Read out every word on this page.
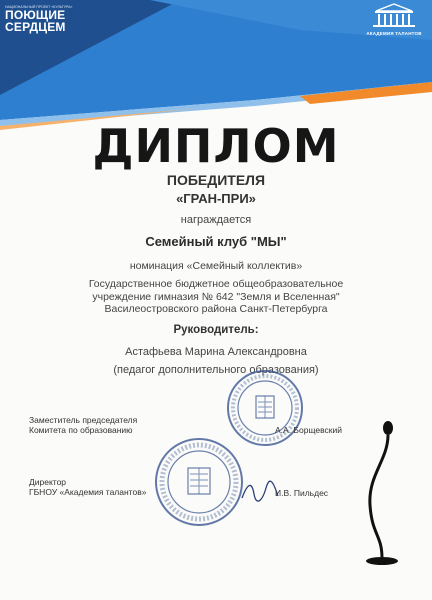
НАЦИОНАЛЬНЫЙ ПРОЕКТ «КУЛЬТУРА»
ПОЮЩИЕ
СЕРДЦЕМ	АКАДЕМИЯ ТАЛАНТОВ
ДИПЛОМ
ПОБЕДИТЕЛЯ
«ГРАН-ПРИ»
награждается
Семейный клуб "МЫ"
номинация «Семейный коллектив»
Государственное бюджетное общеобразовательное
учреждение гимназия № 642 "Земля и Вселенная"
Василеостровского района Санкт-Петербурга
Руководитель:
Астафьева Марина Александровна
(педагог дополнительного образования)
Заместитель председателя
Комитета по образованию	А.А. Борщевский
Директор
ГБНОУ «Академия талантов»	И.В. Пильдес
